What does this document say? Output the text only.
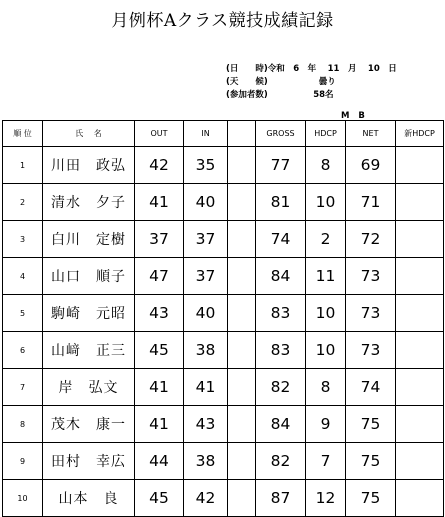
月例杯Aクラス競技成績記録
(日　　時)令和　6　年　 11　月　 10　日
(天　　候)　　　　　　曇り
(参加者数)　　　　　 58名
M B
順 位	氏　 名	OUT	IN		GROSS	HDCP	NET	新HDCP
1	川田　政弘	42	35		77	8	69	
2	清水　夕子	41	40		81	10	71	
3	白川　定樹	37	37		74	2	72	
4	山口　順子	47	37		84	11	73	
5	駒崎　元昭	43	40		83	10	73	
6	山﨑　正三	45	38		83	10	73	
7	岸　弘文	41	41		82	8	74	
8	茂木　康一	41	43		84	9	75	
9	田村　幸広	44	38		82	7	75	
10	山本　良	45	42		87	12	75	
